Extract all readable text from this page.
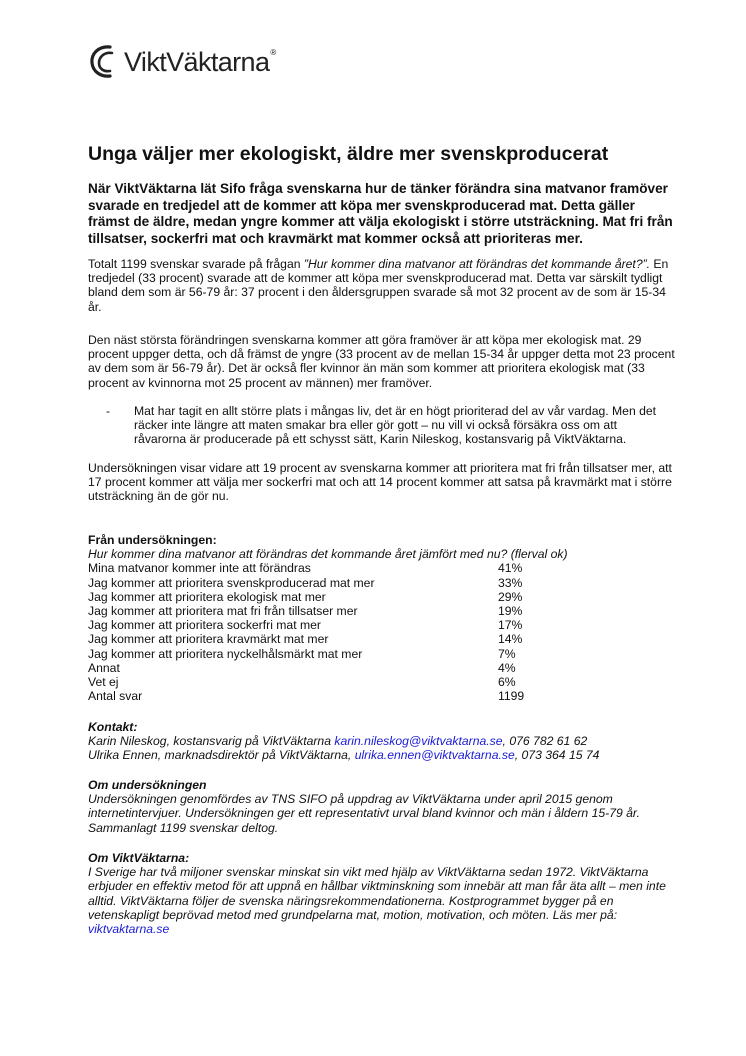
ViktVäktarna ®
Unga väljer mer ekologiskt, äldre mer svenskproducerat
När ViktVäktarna lät Sifo fråga svenskarna hur de tänker förändra sina matvanor framöver svarade en tredjedel att de kommer att köpa mer svenskproducerad mat. Detta gäller främst de äldre, medan yngre kommer att välja ekologiskt i större utsträckning. Mat fri från tillsatser, sockerfri mat och kravmärkt mat kommer också att prioriteras mer.
Totalt 1199 svenskar svarade på frågan ”Hur kommer dina matvanor att förändras det kommande året?”. En tredjedel (33 procent) svarade att de kommer att köpa mer svenskproducerad mat. Detta var särskilt tydligt bland dem som är 56-79 år: 37 procent i den åldersgruppen svarade så mot 32 procent av de som är 15-34 år.
Den näst största förändringen svenskarna kommer att göra framöver är att köpa mer ekologisk mat. 29 procent uppger detta, och då främst de yngre (33 procent av de mellan 15-34 år uppger detta mot 23 procent av dem som är 56-79 år). Det är också fler kvinnor än män som kommer att prioritera ekologisk mat (33 procent av kvinnorna mot 25 procent av männen) mer framöver.
- Mat har tagit en allt större plats i mångas liv, det är en högt prioriterad del av vår vardag. Men det räcker inte längre att maten smakar bra eller gör gott – nu vill vi också försäkra oss om att råvarorna är producerade på ett schysst sätt, Karin Nileskog, kostansvarig på ViktVäktarna.
Undersökningen visar vidare att 19 procent av svenskarna kommer att prioritera mat fri från tillsatser mer, att 17 procent kommer att välja mer sockerfri mat och att 14 procent kommer att satsa på kravmärkt mat i större utsträckning än de gör nu.
Från undersökningen:
Hur kommer dina matvanor att förändras det kommande året jämfört med nu? (flerval ok)
Mina matvanor kommer inte att förändras	41%
Jag kommer att prioritera svenskproducerad mat mer	33%
Jag kommer att prioritera ekologisk mat mer	29%
Jag kommer att prioritera mat fri från tillsatser mer	19%
Jag kommer att prioritera sockerfri mat mer	17%
Jag kommer att prioritera kravmärkt mat mer	14%
Jag kommer att prioritera nyckelhålsmärkt mat mer	7%
Annat	4%
Vet ej	6%
Antal svar	1199
Kontakt:
Karin Nileskog, kostansvarig på ViktVäktarna karin.nileskog@viktvaktarna.se, 076 782 61 62
Ulrika Ennen, marknadsdirektör på ViktVäktarna, ulrika.ennen@viktvaktarna.se, 073 364 15 74
Om undersökningen
Undersökningen genomfördes av TNS SIFO på uppdrag av ViktVäktarna under april 2015 genom internetintervjuer. Undersökningen ger ett representativt urval bland kvinnor och män i åldern 15-79 år. Sammanlagt 1199 svenskar deltog.
Om ViktVäktarna:
I Sverige har två miljoner svenskar minskat sin vikt med hjälp av ViktVäktarna sedan 1972. ViktVäktarna erbjuder en effektiv metod för att uppnå en hållbar viktminskning som innebär att man får äta allt – men inte alltid. ViktVäktarna följer de svenska näringsrekommendationerna. Kostprogrammet bygger på en vetenskapligt beprövad metod med grundpelarna mat, motion, motivation, och möten. Läs mer på: viktvaktarna.se
